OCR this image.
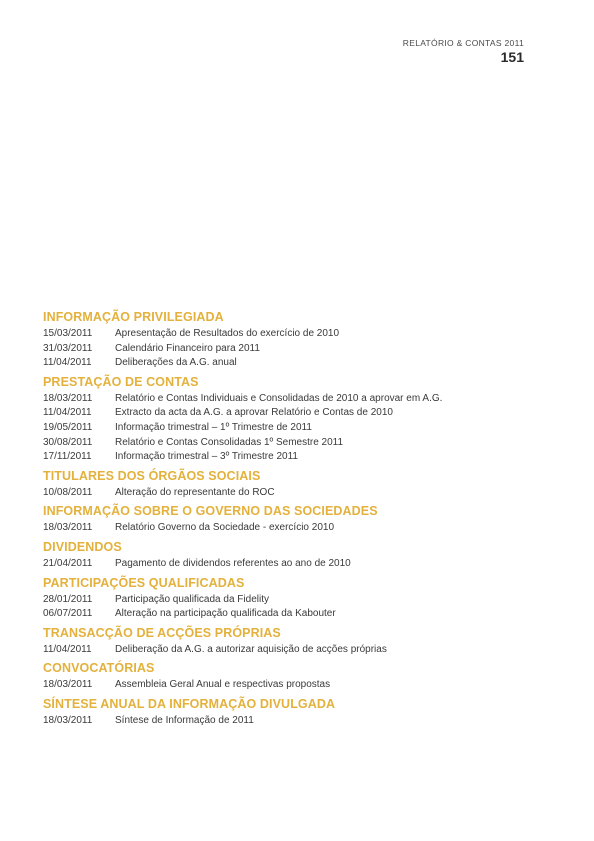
RELATÓRIO & CONTAS 2011
151
INFORMAÇÃO PRIVILEGIADA
15/03/2011	Apresentação de Resultados do exercício de 2010
31/03/2011	Calendário Financeiro para 2011
11/04/2011	Deliberações da A.G. anual
PRESTAÇÃO DE CONTAS
18/03/2011	Relatório e Contas Individuais e Consolidadas de 2010 a aprovar em A.G.
11/04/2011	Extracto da acta da A.G. a aprovar Relatório e Contas de 2010
19/05/2011	Informação trimestral – 1º Trimestre de 2011
30/08/2011	Relatório e Contas Consolidadas 1º Semestre 2011
17/11/2011	Informação trimestral – 3º Trimestre 2011
TITULARES DOS ÓRGÃOS SOCIAIS
10/08/2011	Alteração do representante do ROC
INFORMAÇÃO SOBRE O GOVERNO DAS SOCIEDADES
18/03/2011	Relatório Governo da Sociedade - exercício 2010
DIVIDENDOS
21/04/2011	Pagamento de dividendos referentes ao ano de 2010
PARTICIPAÇÕES QUALIFICADAS
28/01/2011	Participação qualificada da Fidelity
06/07/2011	Alteração na participação qualificada da Kabouter
TRANSACÇÃO DE ACÇÕES PRÓPRIAS
11/04/2011	Deliberação da A.G. a autorizar aquisição de acções próprias
CONVOCATÓRIAS
18/03/2011	Assembleia Geral Anual e respectivas propostas
SÍNTESE ANUAL DA INFORMAÇÃO DIVULGADA
18/03/2011	Síntese de Informação de 2011
